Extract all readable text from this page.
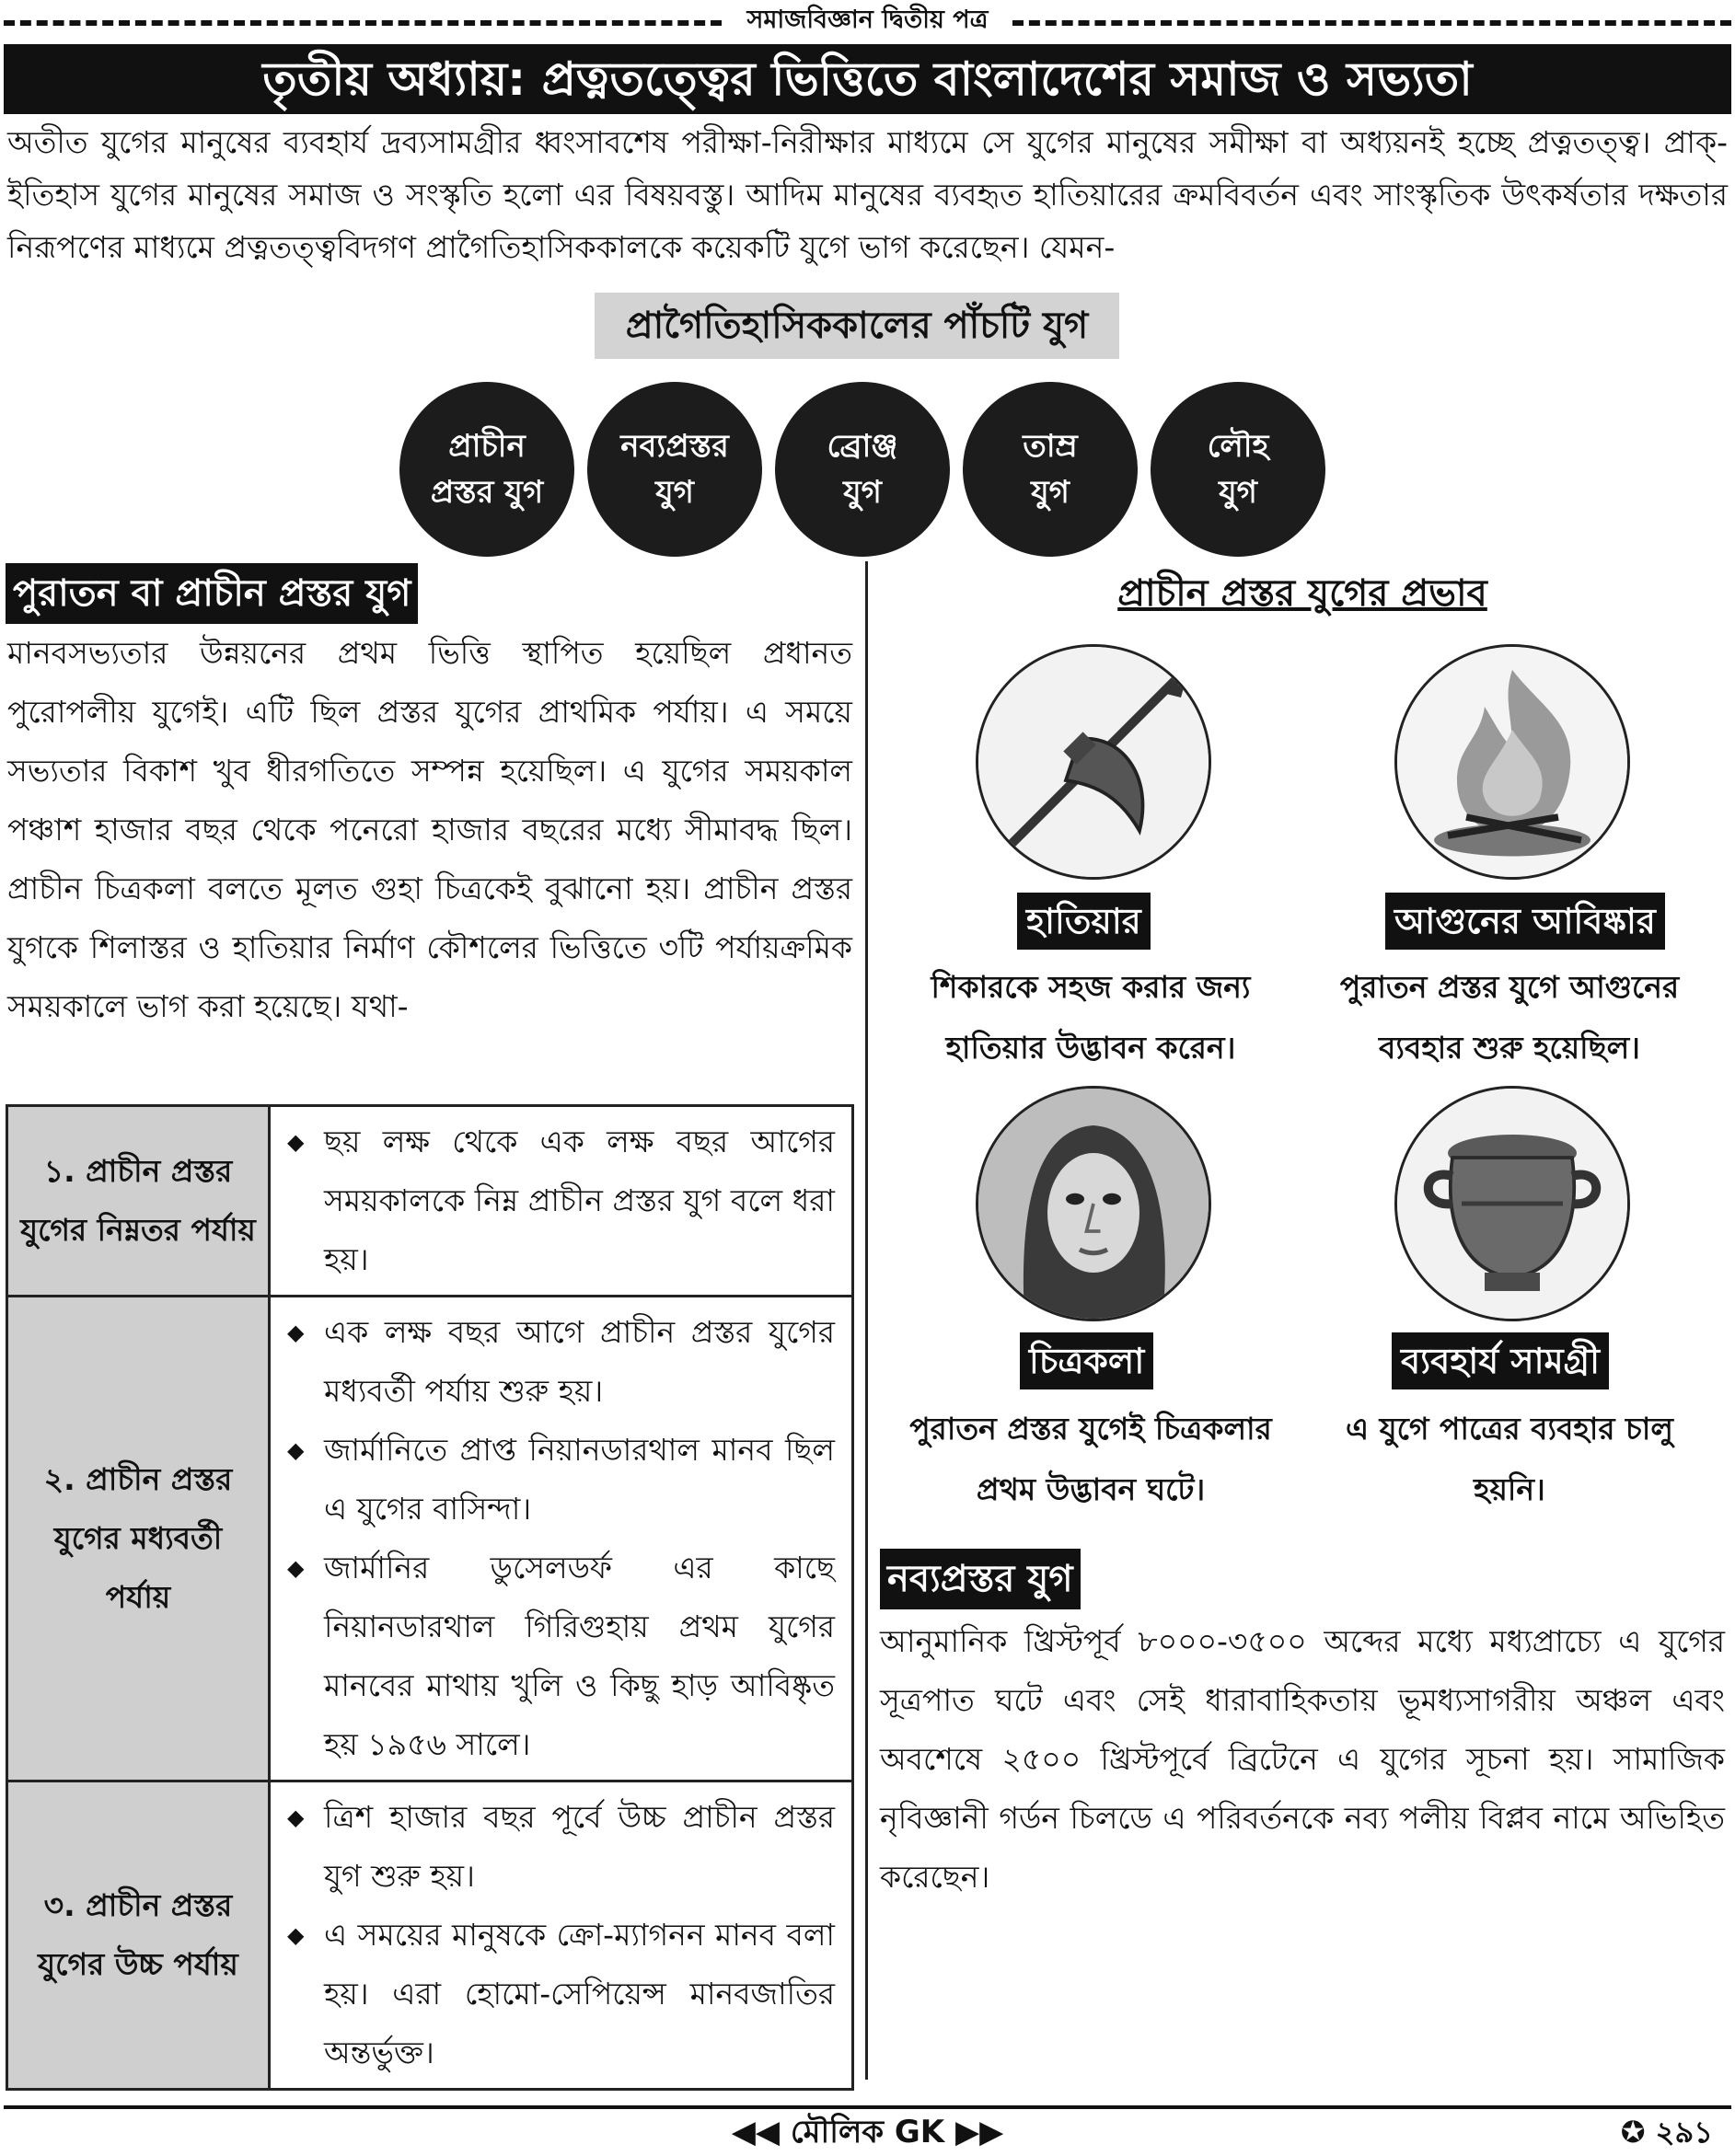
সমাজবিজ্ঞান দ্বিতীয় পত্র
তৃতীয় অধ্যায়: প্রত্নতত্ত্বের ভিত্তিতে বাংলাদেশের সমাজ ও সভ্যতা
অতীত যুগের মানুষের ব্যবহার্য দ্রব্যসামগ্রীর ধ্বংসাবশেষ পরীক্ষা-নিরীক্ষার মাধ্যমে সে যুগের মানুষের সমীক্ষা বা অধ্যয়নই হচ্ছে প্রত্নতত্ত্ব। প্রাক্-ইতিহাস যুগের মানুষের সমাজ ও সংস্কৃতি হলো এর বিষয়বস্তু। আদিম মানুষের ব্যবহৃত হাতিয়ারের ক্রমবিবর্তন এবং সাংস্কৃতিক উৎকর্ষতার দক্ষতার নিরূপণের মাধ্যমে প্রত্নতত্ত্ববিদগণ প্রাগৈতিহাসিককালকে কয়েকটি যুগে ভাগ করেছেন। যেমন-
প্রাগৈতিহাসিককালের পাঁচটি যুগ
প্রাচীন
প্রস্তর যুগ
নব্যপ্রস্তর
যুগ
ব্রোঞ্জ
যুগ
তাম্র
যুগ
লৌহ
যুগ
পুরাতন বা প্রাচীন প্রস্তর যুগ
মানবসভ্যতার উন্নয়নের প্রথম ভিত্তি স্থাপিত হয়েছিল প্রধানত পুরোপলীয় যুগেই। এটি ছিল প্রস্তর যুগের প্রাথমিক পর্যায়। এ সময়ে সভ্যতার বিকাশ খুব ধীরগতিতে সম্পন্ন হয়েছিল। এ যুগের সময়কাল পঞ্চাশ হাজার বছর থেকে পনেরো হাজার বছরের মধ্যে সীমাবদ্ধ ছিল। প্রাচীন চিত্রকলা বলতে মূলত গুহা চিত্রকেই বুঝানো হয়। প্রাচীন প্রস্তর যুগকে শিলাস্তর ও হাতিয়ার নির্মাণ কৌশলের ভিত্তিতে ৩টি পর্যায়ক্রমিক সময়কালে ভাগ করা হয়েছে। যথা-
১. প্রাচীন প্রস্তর যুগের নিম্নতর পর্যায়	◆ ছয় লক্ষ থেকে এক লক্ষ বছর আগের সময়কালকে নিম্ন প্রাচীন প্রস্তর যুগ বলে ধরা হয়।

২. প্রাচীন প্রস্তর যুগের মধ্যবর্তী পর্যায়	◆ এক লক্ষ বছর আগে প্রাচীন প্রস্তর যুগের মধ্যবর্তী পর্যায় শুরু হয়।
◆ জার্মানিতে প্রাপ্ত নিয়ানডারথাল মানব ছিল এ যুগের বাসিন্দা।
◆ জার্মানির ডুসেলডর্ফ এর কাছে নিয়ানডারথাল গিরিগুহায় প্রথম যুগের মানবের মাথায় খুলি ও কিছু হাড় আবিষ্কৃত হয় ১৯৫৬ সালে।

৩. প্রাচীন প্রস্তর যুগের উচ্চ পর্যায়	◆ ত্রিশ হাজার বছর পূর্বে উচ্চ প্রাচীন প্রস্তর যুগ শুরু হয়।
◆ এ সময়ের মানুষকে ক্রো-ম্যাগনন মানব বলা হয়। এরা হোমো-সেপিয়েন্স মানবজাতির অন্তর্ভুক্ত।
প্রাচীন প্রস্তর যুগের প্রভাব
হাতিয়ার
শিকারকে সহজ করার জন্য হাতিয়ার উদ্ভাবন করেন।
আগুনের আবিষ্কার
পুরাতন প্রস্তর যুগে আগুনের ব্যবহার শুরু হয়েছিল।
চিত্রকলা
পুরাতন প্রস্তর যুগেই চিত্রকলার প্রথম উদ্ভাবন ঘটে।
ব্যবহার্য সামগ্রী
এ যুগে পাত্রের ব্যবহার চালু হয়নি।
নব্যপ্রস্তর যুগ
আনুমানিক খ্রিস্টপূর্ব ৮০০০-৩৫০০ অব্দের মধ্যে মধ্যপ্রাচ্যে এ যুগের সূত্রপাত ঘটে এবং সেই ধারাবাহিকতায় ভূমধ্যসাগরীয় অঞ্চল এবং অবশেষে ২৫০০ খ্রিস্টপূর্বে ব্রিটেনে এ যুগের সূচনা হয়। সামাজিক নৃবিজ্ঞানী গর্ডন চিলডে এ পরিবর্তনকে নব্য পলীয় বিপ্লব নামে অভিহিত করেছেন।
◀◀ মৌলিক GK ▶▶	✪ ২৯১
